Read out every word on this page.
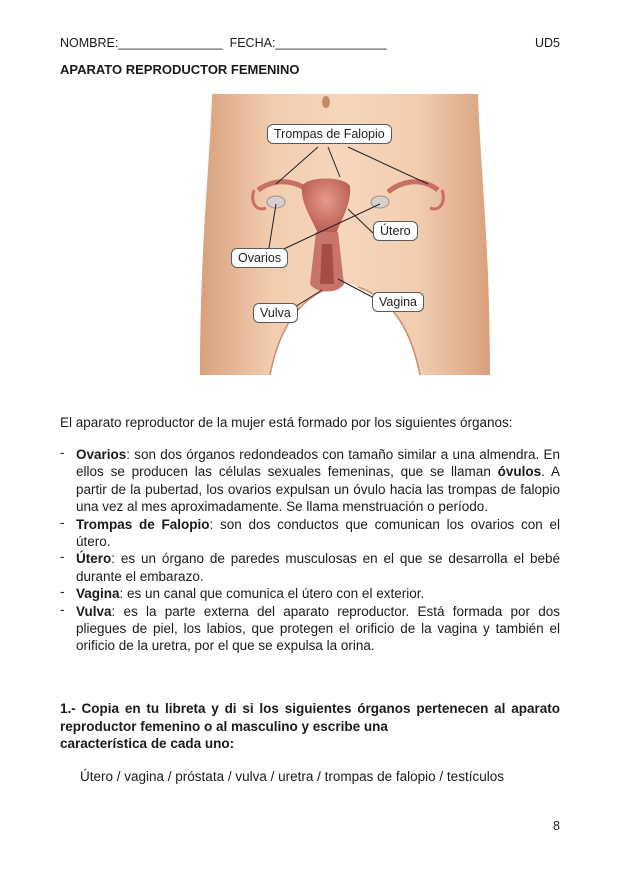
NOMBRE:_______________ FECHA:________________	UD5
APARATO REPRODUCTOR FEMENINO
Trompas de Falopio
Útero
Ovarios
Vulva
Vagina
El aparato reproductor de la mujer está formado por los siguientes órganos:
- Ovarios: son dos órganos redondeados con tamaño similar a una almendra. En ellos se producen las células sexuales femeninas, que se llaman óvulos. A partir de la pubertad, los ovarios expulsan un óvulo hacia las trompas de falopio una vez al mes aproximadamente. Se llama menstruación o período.
- Trompas de Falopio: son dos conductos que comunican los ovarios con el útero.
- Útero: es un órgano de paredes musculosas en el que se desarrolla el bebé durante el embarazo.
- Vagina: es un canal que comunica el útero con el exterior.
- Vulva: es la parte externa del aparato reproductor. Está formada por dos pliegues de piel, los labios, que protegen el orificio de la vagina y también el orificio de la uretra, por el que se expulsa la orina.
1.- Copia en tu libreta y di si los siguientes órganos pertenecen al aparato reproductor femenino o al masculino y escribe una
característica de cada uno:
Útero / vagina / próstata / vulva / uretra / trompas de falopio / testículos
8
